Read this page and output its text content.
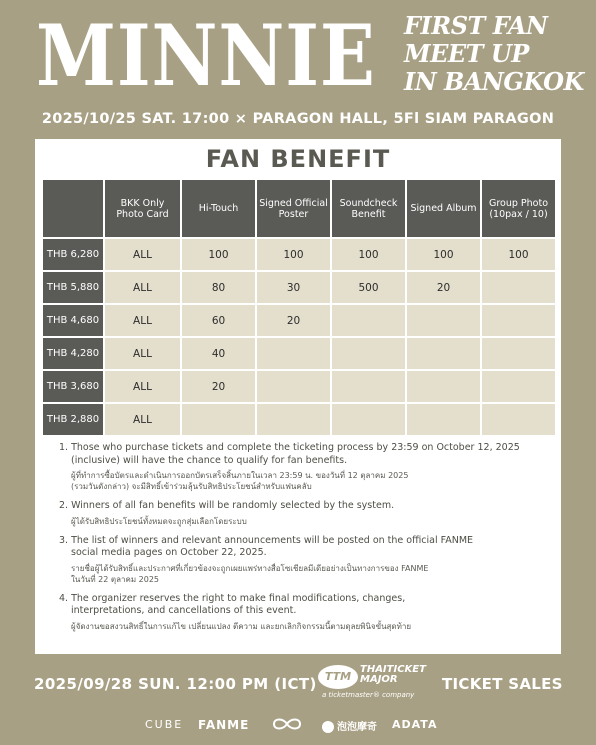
MINNIE FIRST FAN
MEET UP
IN BANGKOK
2025/10/25 SAT. 17:00 × PARAGON HALL, 5Fl SIAM PARAGON
FAN BENEFIT
	BKK Only Photo Card	Hi-Touch	Signed Official Poster	Soundcheck Benefit	Signed Album	Group Photo (10pax / 10)
THB 6,280	ALL	100	100	100	100	100
THB 5,880	ALL	80	30	500	20	
THB 4,680	ALL	60	20			
THB 4,280	ALL	40				
THB 3,680	ALL	20				
THB 2,880	ALL					
1. Those who purchase tickets and complete the ticketing process by 23:59 on October 12, 2025
(inclusive) will have the chance to qualify for fan benefits.
ผู้ที่ทำการซื้อบัตรและดำเนินการออกบัตรเสร็จสิ้นภายในเวลา 23:59 น. ของวันที่ 12 ตุลาคม 2025
(รวมวันดังกล่าว) จะมีสิทธิ์เข้าร่วมลุ้นรับสิทธิประโยชน์สำหรับแฟนคลับ
2. Winners of all fan benefits will be randomly selected by the system.
ผู้ได้รับสิทธิประโยชน์ทั้งหมดจะถูกสุ่มเลือกโดยระบบ
3. The list of winners and relevant announcements will be posted on the official FANME
social media pages on October 22, 2025.
รายชื่อผู้ได้รับสิทธิ์และประกาศที่เกี่ยวข้องจะถูกเผยแพร่ทางสื่อโซเชียลมีเดียอย่างเป็นทางการของ FANME
ในวันที่ 22 ตุลาคม 2025
4. The organizer reserves the right to make final modifications, changes,
interpretations, and cancellations of this event.
ผู้จัดงานขอสงวนสิทธิ์ในการแก้ไข เปลี่ยนแปลง ตีความ และยกเลิกกิจกรรมนี้ตามดุลยพินิจขั้นสุดท้าย
2025/09/28 SUN. 12:00 PM (ICT) TTM
THAITICKET
MAJOR
a ticketmaster® company
TICKET SALES
CUBE FANME	泡泡摩奇 ADATA
